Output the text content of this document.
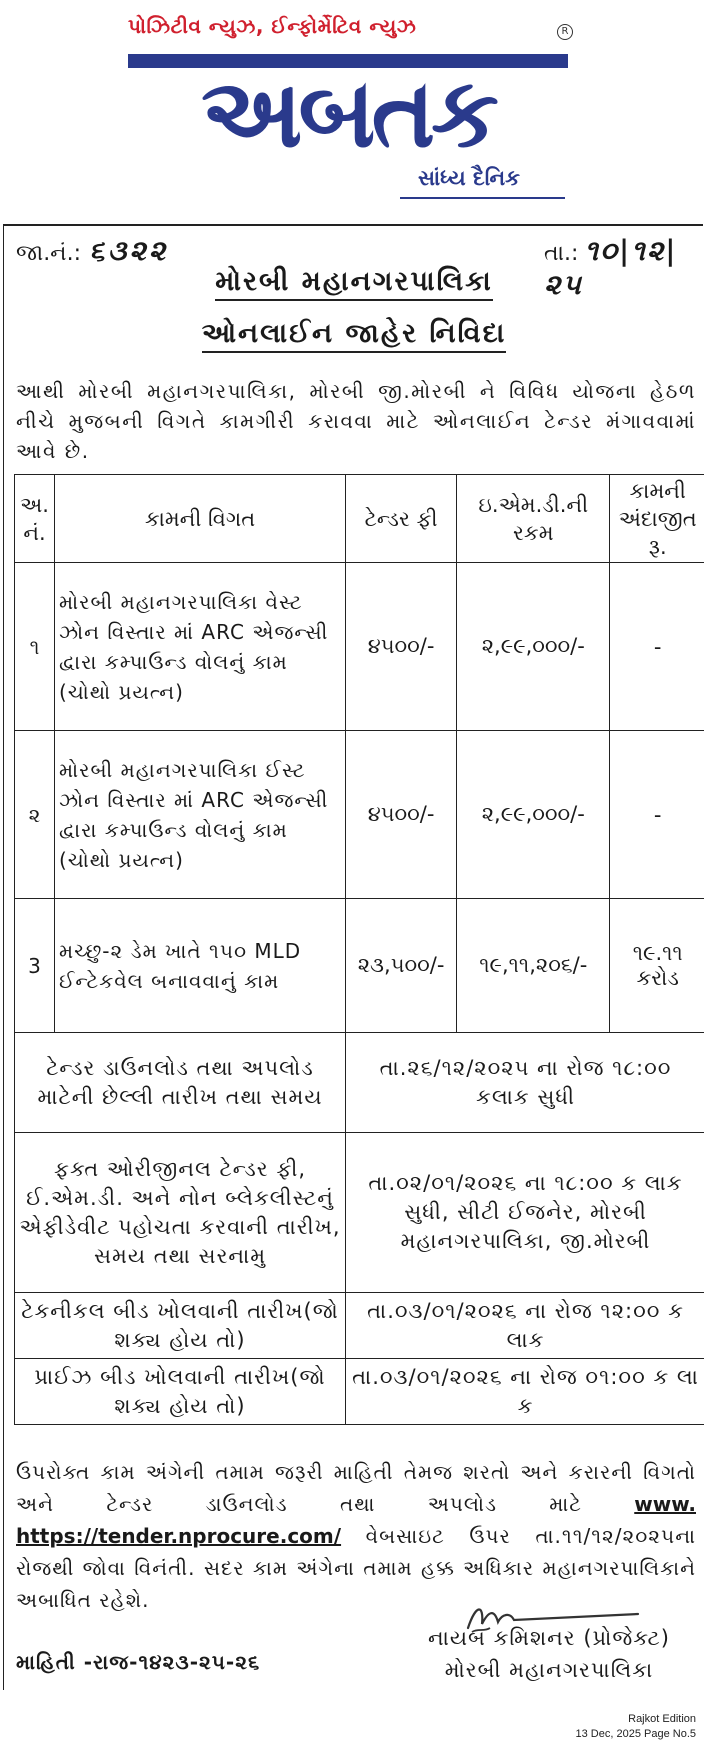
પોઝિટીવ ન્યુઝ, ઈન્ફોર્મેટિવ ન્યુઝ	R
અબતક
સાંધ્ય દૈનિક
જા.નં.: ૬૩૨૨	તા.: ૧૦|૧૨|૨૫
મોરબી મહાનગરપાલિકા
ઓનલાઈન જાહેર નિવિદા
આથી મોરબી મહાનગરપાલિકા, મોરબી જી.મોરબી ને વિવિધ યોજના હેઠળ નીચે મુજબની વિગતે કામગીરી કરાવવા માટે ઓનલાઈન ટેન્ડર મંગાવવામાં આવે છે.
અ. નં.	કામની વિગત	ટેન્ડર ફી	ઇ.એમ.ડી.ની રકમ	કામની અંદાજીત રૂ.
૧	મોરબી મહાનગરપાલિકા વેસ્ટ ઝોન વિસ્તાર માં ARC એજન્સી દ્વારા કમ્પાઉન્ડ વોલનું કામ (ચોથો પ્રયત્ન)	૪૫૦૦/-	૨,૯૯,૦૦૦/-	-
૨	મોરબી મહાનગરપાલિકા ઈસ્ટ ઝોન વિસ્તાર માં ARC એજન્સી દ્વારા કમ્પાઉન્ડ વોલનું કામ (ચોથો પ્રયત્ન)	૪૫૦૦/-	૨,૯૯,૦૦૦/-	-
3	મચ્છુ-૨ ડેમ ખાતે ૧૫૦ MLD ઈન્ટેકવેલ બનાવવાનું કામ	૨૩,૫૦૦/-	૧૯,૧૧,૨૦૬/-	૧૯.૧૧ કરોડ
ટેન્ડર ડાઉનલોડ તથા અપલોડ માટેની છેલ્લી તારીખ તથા સમય		તા.૨૬/૧૨/૨૦૨૫ ના રોજ ૧૮:૦૦ કલાક સુધી		
ફક્ત ઓરીજીનલ ટેન્ડર ફી, ઈ.એમ.ડી. અને નોન બ્લેકલીસ્ટનું એફીડેવીટ પહોચતા કરવાની તારીખ, સમય તથા સરનામુ		તા.૦૨/૦૧/૨૦૨૬ ના ૧૮:૦૦ ક લાક સુધી, સીટી ઈજનેર, મોરબી મહાનગરપાલિકા, જી.મોરબી		
ટેકનીકલ બીડ ખોલવાની તારીખ(જો શક્ય હોય તો)		તા.૦૩/૦૧/૨૦૨૬ ના રોજ ૧૨:૦૦ ક લાક		
પ્રાઈઝ બીડ ખોલવાની તારીખ(જો શક્ય હોય તો)		તા.૦૩/૦૧/૨૦૨૬ ના રોજ ૦૧:૦૦ ક લા ક		
ઉપરોક્ત કામ અંગેની તમામ જરૂરી માહિતી તેમજ શરતો અને કરારની વિગતો અને ટેન્ડર ડાઉનલોડ તથા અપલોડ માટે www. https://tender.nprocure.com/ વેબસાઇટ ઉપર તા.૧૧/૧૨/૨૦૨૫ના રોજથી જોવા વિનંતી. સદર કામ અંગેના તમામ હક્ક અધિકાર મહાનગરપાલિકાને અબાધિત રહેશે.
માહિતી -રાજ-૧૪૨૩-૨૫-૨૬
નાયબ કમિશનર (પ્રોજેક્ટ)
મોરબી મહાનગરપાલિકા
Rajkot Edition
13 Dec, 2025 Page No.5
